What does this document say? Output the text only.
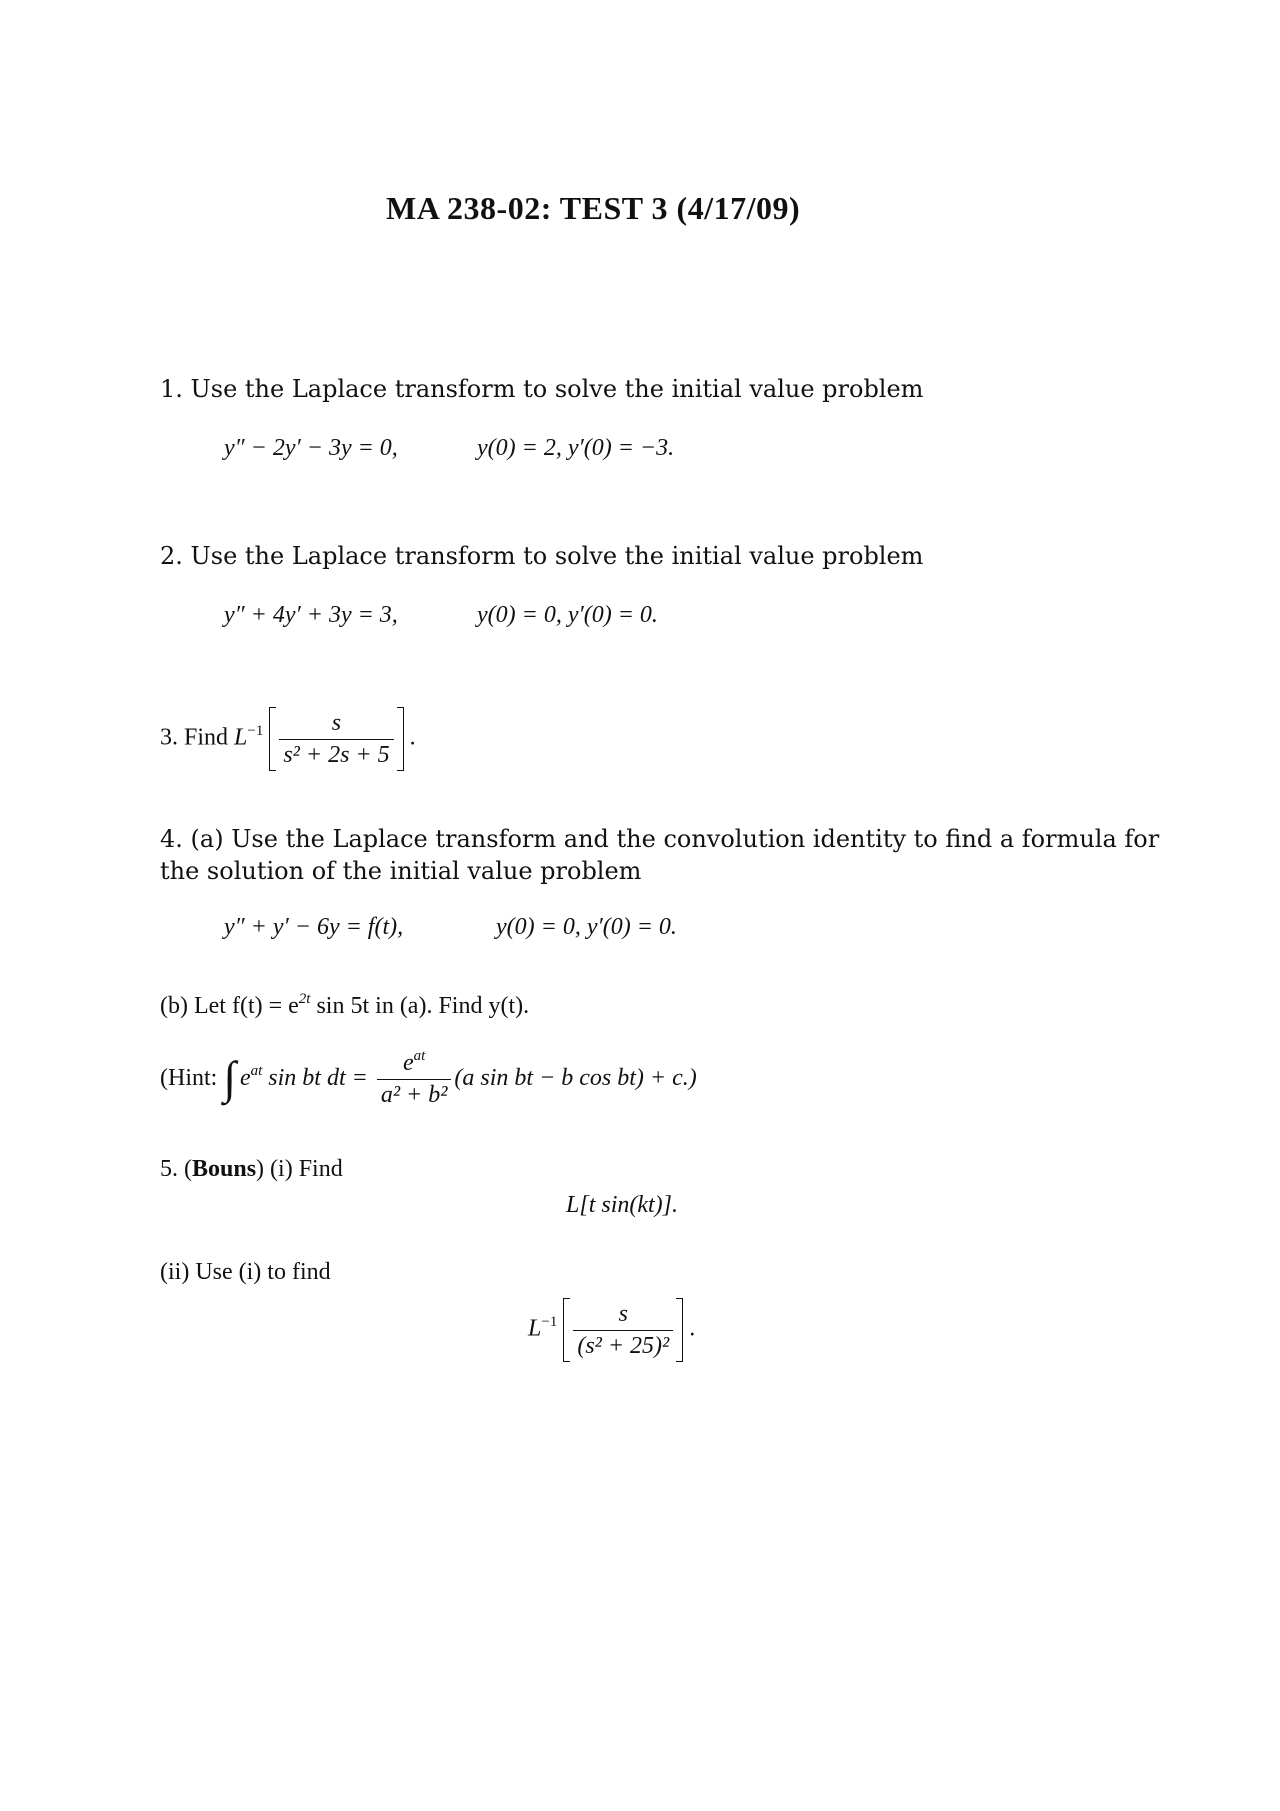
MA 238-02: TEST 3 (4/17/09)
1. Use the Laplace transform to solve the initial value problem
y″ − 2y′ − 3y = 0,	y(0) = 2, y′(0) = −3.
2. Use the Laplace transform to solve the initial value problem
y″ + 4y′ + 3y = 3,	y(0) = 0, y′(0) = 0.
3. Find $L^{-1} \frac{s}{\text{s² + 2s + 5}}$ .
4. (a) Use the Laplace transform and the convolution identity to find a formula for
the solution of the initial value problem
y″ + y′ − 6y = f(t),	y(0) = 0, y′(0) = 0.
(b) Let $f(t) = e^{2t}$ sin 5t in (a). Find y(t).
(Hint: ∫ $e^{at}$ sin bt dt = $\frac{e^{at}}{\text{a² + b²}} (a$ sin bt − b cos bt) + c.)
5. (Bouns) (i) Find
L[t sin(kt)].
(ii) Use (i) to find
$L^{-1} \frac{s}{\text{(s² + 25)²}}$ .
